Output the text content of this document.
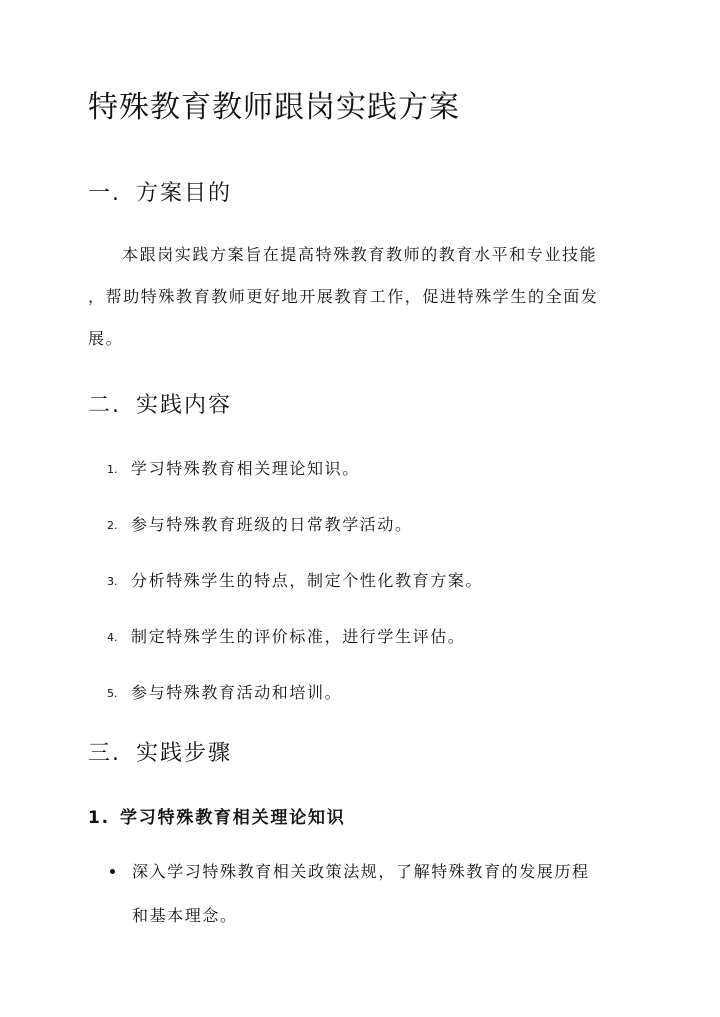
特殊教育教师跟岗实践方案
一. 方案目的
本跟岗实践方案旨在提高特殊教育教师的教育水平和专业技能
，帮助特殊教育教师更好地开展教育工作，促进特殊学生的全面发
展。
二. 实践内容
1. 学习特殊教育相关理论知识。
2. 参与特殊教育班级的日常教学活动。
3. 分析特殊学生的特点，制定个性化教育方案。
4. 制定特殊学生的评价标准，进行学生评估。
5. 参与特殊教育活动和培训。
三. 实践步骤
1. 学习特殊教育相关理论知识
深入学习特殊教育相关政策法规，了解特殊教育的发展历程
和基本理念。
